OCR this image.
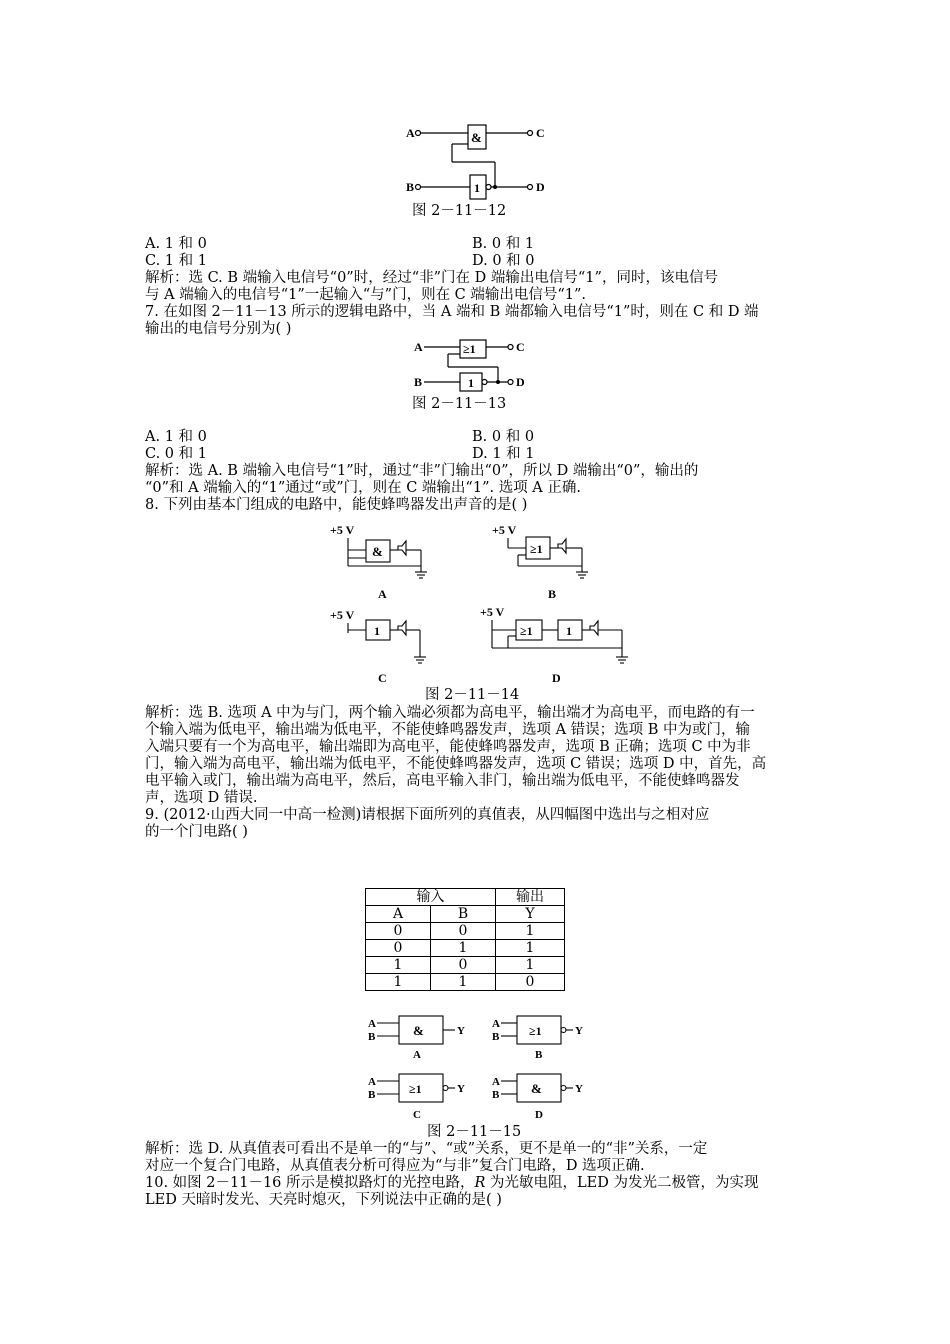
A	C
B	D
&
1
图 2－11－12
A. 1 和 0	B. 0 和 1
C. 1 和 1	D. 0 和 0
解析：选 C. B 端输入电信号“0”时，经过“非”门在 D 端输出电信号“1”，同时，该电信号
与 A 端输入的电信号“1”一起输入“与”门，则在 C 端输出电信号“1”.
7. 在如图 2－11－13 所示的逻辑电路中，当 A 端和 B 端都输入电信号“1”时，则在 C 和 D 端
输出的电信号分别为( )
A	C
B	D
≥1
1
图 2－11－13
A. 1 和 0	B. 0 和 0
C. 0 和 1	D. 1 和 1
解析：选 A. B 端输入电信号“1”时，通过“非”门输出“0”，所以 D 端输出“0”，输出的
“0”和 A 端输入的“1”通过“或”门，则在 C 端输出“1”. 选项 A 正确.
8. 下列由基本门组成的电路中，能使蜂鸣器发出声音的是( )
+5 V
&
A
+5 V
≥1
B
+5 V
1
C
+5 V
≥1	1
D
图 2－11－14
解析：选 B. 选项 A 中为与门，两个输入端必须都为高电平，输出端才为高电平，而电路的有一
个输入端为低电平，输出端为低电平，不能使蜂鸣器发声，选项 A 错误；选项 B 中为或门，输
入端只要有一个为高电平，输出端即为高电平，能使蜂鸣器发声，选项 B 正确；选项 C 中为非
门，输入端为高电平，输出端为低电平，不能使蜂鸣器发声，选项 C 错误；选项 D 中，首先，高
电平输入或门，输出端为高电平，然后，高电平输入非门，输出端为低电平，不能使蜂鸣器发
声，选项 D 错误.
9. (2012·山西大同一中高一检测)请根据下面所列的真值表，从四幅图中选出与之相对应
的一个门电路( )
输入		输出
A	B	Y
0	0	1
0	1	1
1	0	1
1	1	0
A
B	&	Y
A
A
B ≥1	Y
B
A
B	≥1	Y
C
A
B &	Y
D
图 2－11－15
解析：选 D. 从真值表可看出不是单一的“与”、“或”关系，更不是单一的“非”关系，一定
对应一个复合门电路，从真值表分析可得应为“与非”复合门电路，D 选项正确.
10. 如图 2－11－16 所示是模拟路灯的光控电路，R 为光敏电阻，LED 为发光二极管，为实现
LED 天暗时发光、天亮时熄灭，下列说法中正确的是( )
